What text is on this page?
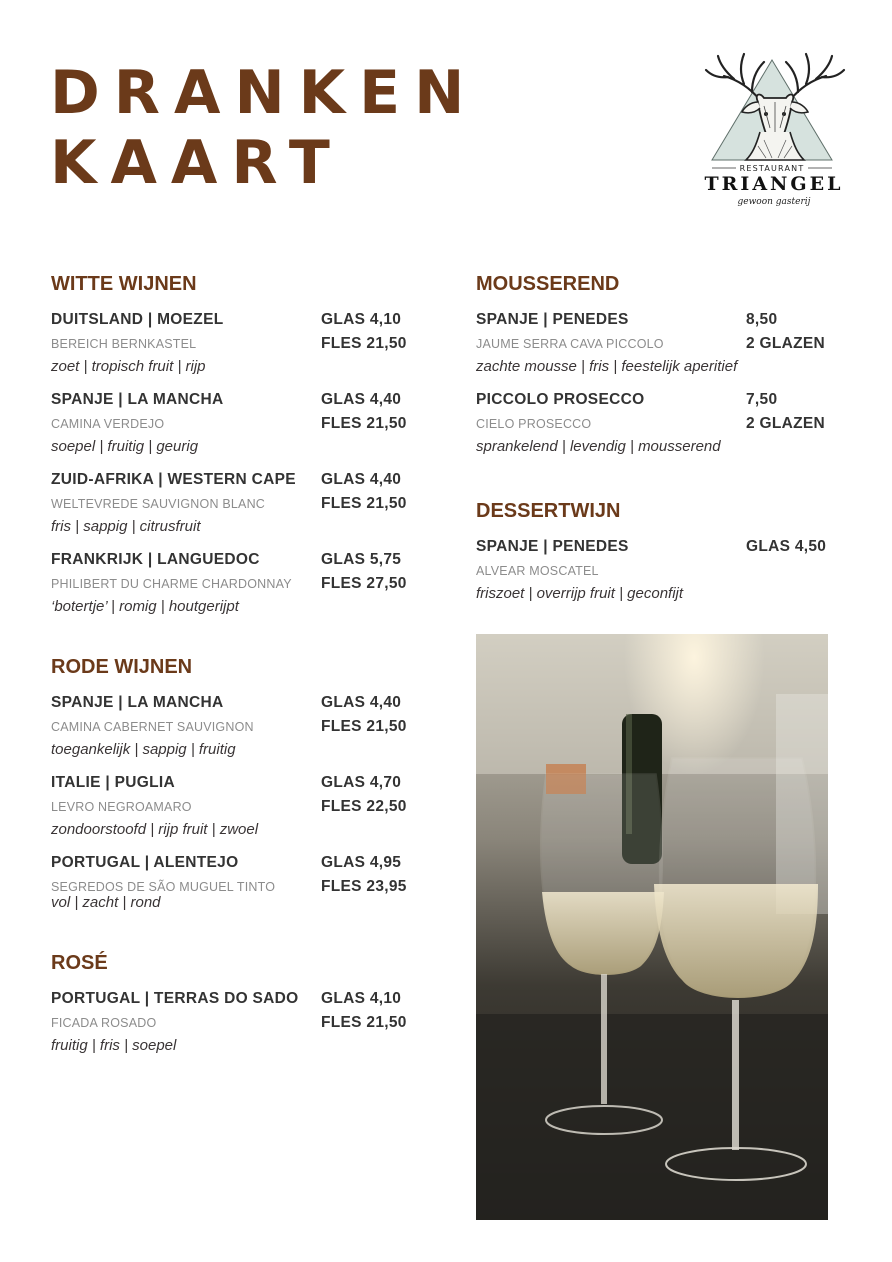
DRANKEN
KAART	RESTAURANT
TRIANGEL
gewoon gasterij
WITTE WIJNEN
DUITSLAND | MOEZEL
BEREICH BERNKASTEL
zoet | tropisch fruit | rijp
GLAS 4,10
FLES 21,50
SPANJE | LA MANCHA
CAMINA VERDEJO
soepel | fruitig | geurig
GLAS 4,40
FLES 21,50
ZUID-AFRIKA | WESTERN CAPE
WELTEVREDE SAUVIGNON BLANC
fris | sappig | citrusfruit
GLAS 4,40
FLES 21,50
FRANKRIJK | LANGUEDOC
PHILIBERT DU CHARME CHARDONNAY
‘botertje’ | romig | houtgerijpt
GLAS 5,75
FLES 27,50
RODE WIJNEN
SPANJE | LA MANCHA
CAMINA CABERNET SAUVIGNON
toegankelijk | sappig | fruitig
GLAS 4,40
FLES 21,50
ITALIE | PUGLIA
LEVRO NEGROAMARO
zondoorstoofd | rijp fruit | zwoel
GLAS 4,70
FLES 22,50
PORTUGAL | ALENTEJO
SEGREDOS DE SÃO MUGUEL TINTO
vol | zacht | rond
GLAS 4,95
FLES 23,95
ROSÉ
PORTUGAL | TERRAS DO SADO
FICADA ROSADO
fruitig | fris | soepel
GLAS 4,10
FLES 21,50
MOUSSEREND
SPANJE | PENEDES
JAUME SERRA CAVA PICCOLO
zachte mousse | fris | feestelijk aperitief
8,50
2 GLAZEN
PICCOLO PROSECCO
CIELO PROSECCO
sprankelend | levendig | mousserend
7,50
2 GLAZEN
DESSERTWIJN
SPANJE | PENEDES
ALVEAR MOSCATEL
friszoet | overrijp fruit | geconfijt
GLAS 4,50
